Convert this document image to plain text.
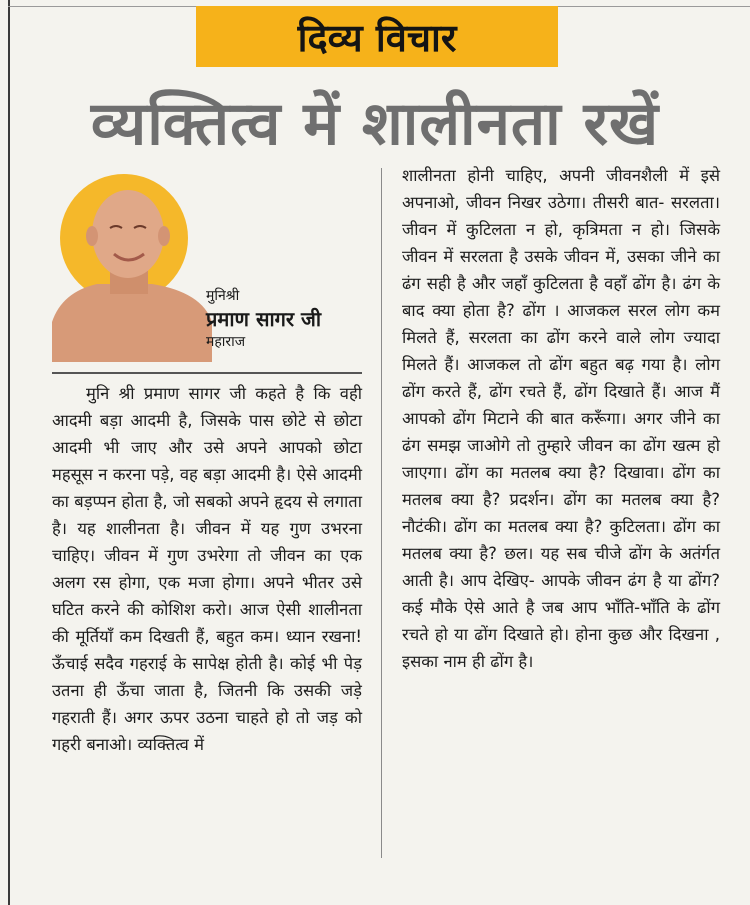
दिव्य विचार
व्यक्तित्व में शालीनता रखें
मुनिश्री
प्रमाण सागर जी
महाराज

मुनि श्री प्रमाण सागर जी कहते है कि वही आदमी बड़ा आदमी है, जिसके पास छोटे से छोटा आदमी भी जाए और उसे अपने आपको छोटा महसूस न करना पड़े, वह बड़ा आदमी है। ऐसे आदमी का बड़प्पन होता है, जो सबको अपने हृदय से लगाता है। यह शालीनता है। जीवन में यह गुण उभरना चाहिए। जीवन में गुण उभरेगा तो जीवन का एक अलग रस होगा, एक मजा होगा। अपने भीतर उसे घटित करने की कोशिश करो। आज ऐसी शालीनता की मूर्तियाँ कम दिखती हैं, बहुत कम। ध्यान रखना! ऊँचाई सदैव गहराई के सापेक्ष होती है। कोई भी पेड़ उतना ही ऊँचा जाता है, जितनी कि उसकी जड़े गहराती हैं। अगर ऊपर उठना चाहते हो तो जड़ को गहरी बनाओ। व्यक्तित्व में

शालीनता होनी चाहिए, अपनी जीवनशैली में इसे अपनाओ, जीवन निखर उठेगा। तीसरी बात- सरलता। जीवन में कुटिलता न हो, कृत्रिमता न हो। जिसके जीवन में सरलता है उसके जीवन में, उसका जीने का ढंग सही है और जहाँ कुटिलता है वहाँ ढोंग है। ढंग के बाद क्या होता है? ढोंग । आजकल सरल लोग कम मिलते हैं, सरलता का ढोंग करने वाले लोग ज्यादा मिलते हैं। आजकल तो ढोंग बहुत बढ़ गया है। लोग ढोंग करते हैं, ढोंग रचते हैं, ढोंग दिखाते हैं। आज मैं आपको ढोंग मिटाने की बात करूँगा। अगर जीने का ढंग समझ जाओगे तो तुम्हारे जीवन का ढोंग खत्म हो जाएगा। ढोंग का मतलब क्या है? दिखावा। ढोंग का मतलब क्या है? प्रदर्शन। ढोंग का मतलब क्या है? नौटंकी। ढोंग का मतलब क्या है? कुटिलता। ढोंग का मतलब क्या है? छल। यह सब चीजे ढोंग के अतंर्गत आती है। आप देखिए- आपके जीवन ढंग है या ढोंग? कई मौके ऐसे आते है जब आप भाँति-भाँति के ढोंग रचते हो या ढोंग दिखाते हो। होना कुछ और दिखना , इसका नाम ही ढोंग है।
